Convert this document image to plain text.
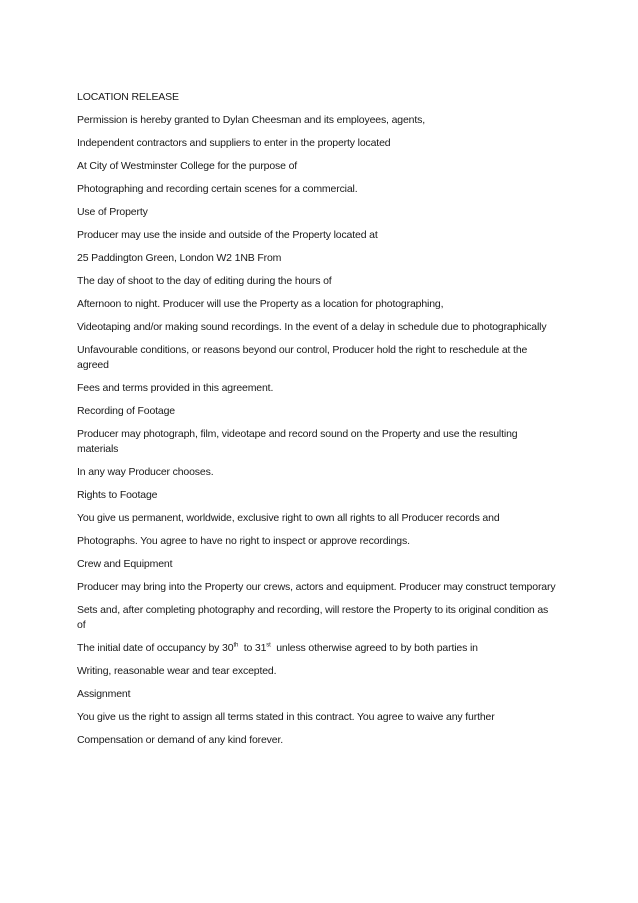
LOCATION RELEASE

Permission is hereby granted to Dylan Cheesman and its employees, agents,

Independent contractors and suppliers to enter in the property located

At City of Westminster College for the purpose of

Photographing and recording certain scenes for a commercial.

Use of Property

Producer may use the inside and outside of the Property located at

25 Paddington Green, London W2 1NB From

The day of shoot to the day of editing during the hours of

Afternoon to night. Producer will use the Property as a location for photographing,

Videotaping and/or making sound recordings. In the event of a delay in schedule due to photographically

Unfavourable conditions, or reasons beyond our control, Producer hold the right to reschedule at the agreed

Fees and terms provided in this agreement.

Recording of Footage

Producer may photograph, film, videotape and record sound on the Property and use the resulting materials

In any way Producer chooses.

Rights to Footage

You give us permanent, worldwide, exclusive right to own all rights to all Producer records and

Photographs. You agree to have no right to inspect or approve recordings.

Crew and Equipment

Producer may bring into the Property our crews, actors and equipment. Producer may construct temporary

Sets and, after completing photography and recording, will restore the Property to its original condition as of

The initial date of occupancy by 30th  to 31st  unless otherwise agreed to by both parties in

Writing, reasonable wear and tear excepted.

Assignment

You give us the right to assign all terms stated in this contract. You agree to waive any further

Compensation or demand of any kind forever.
